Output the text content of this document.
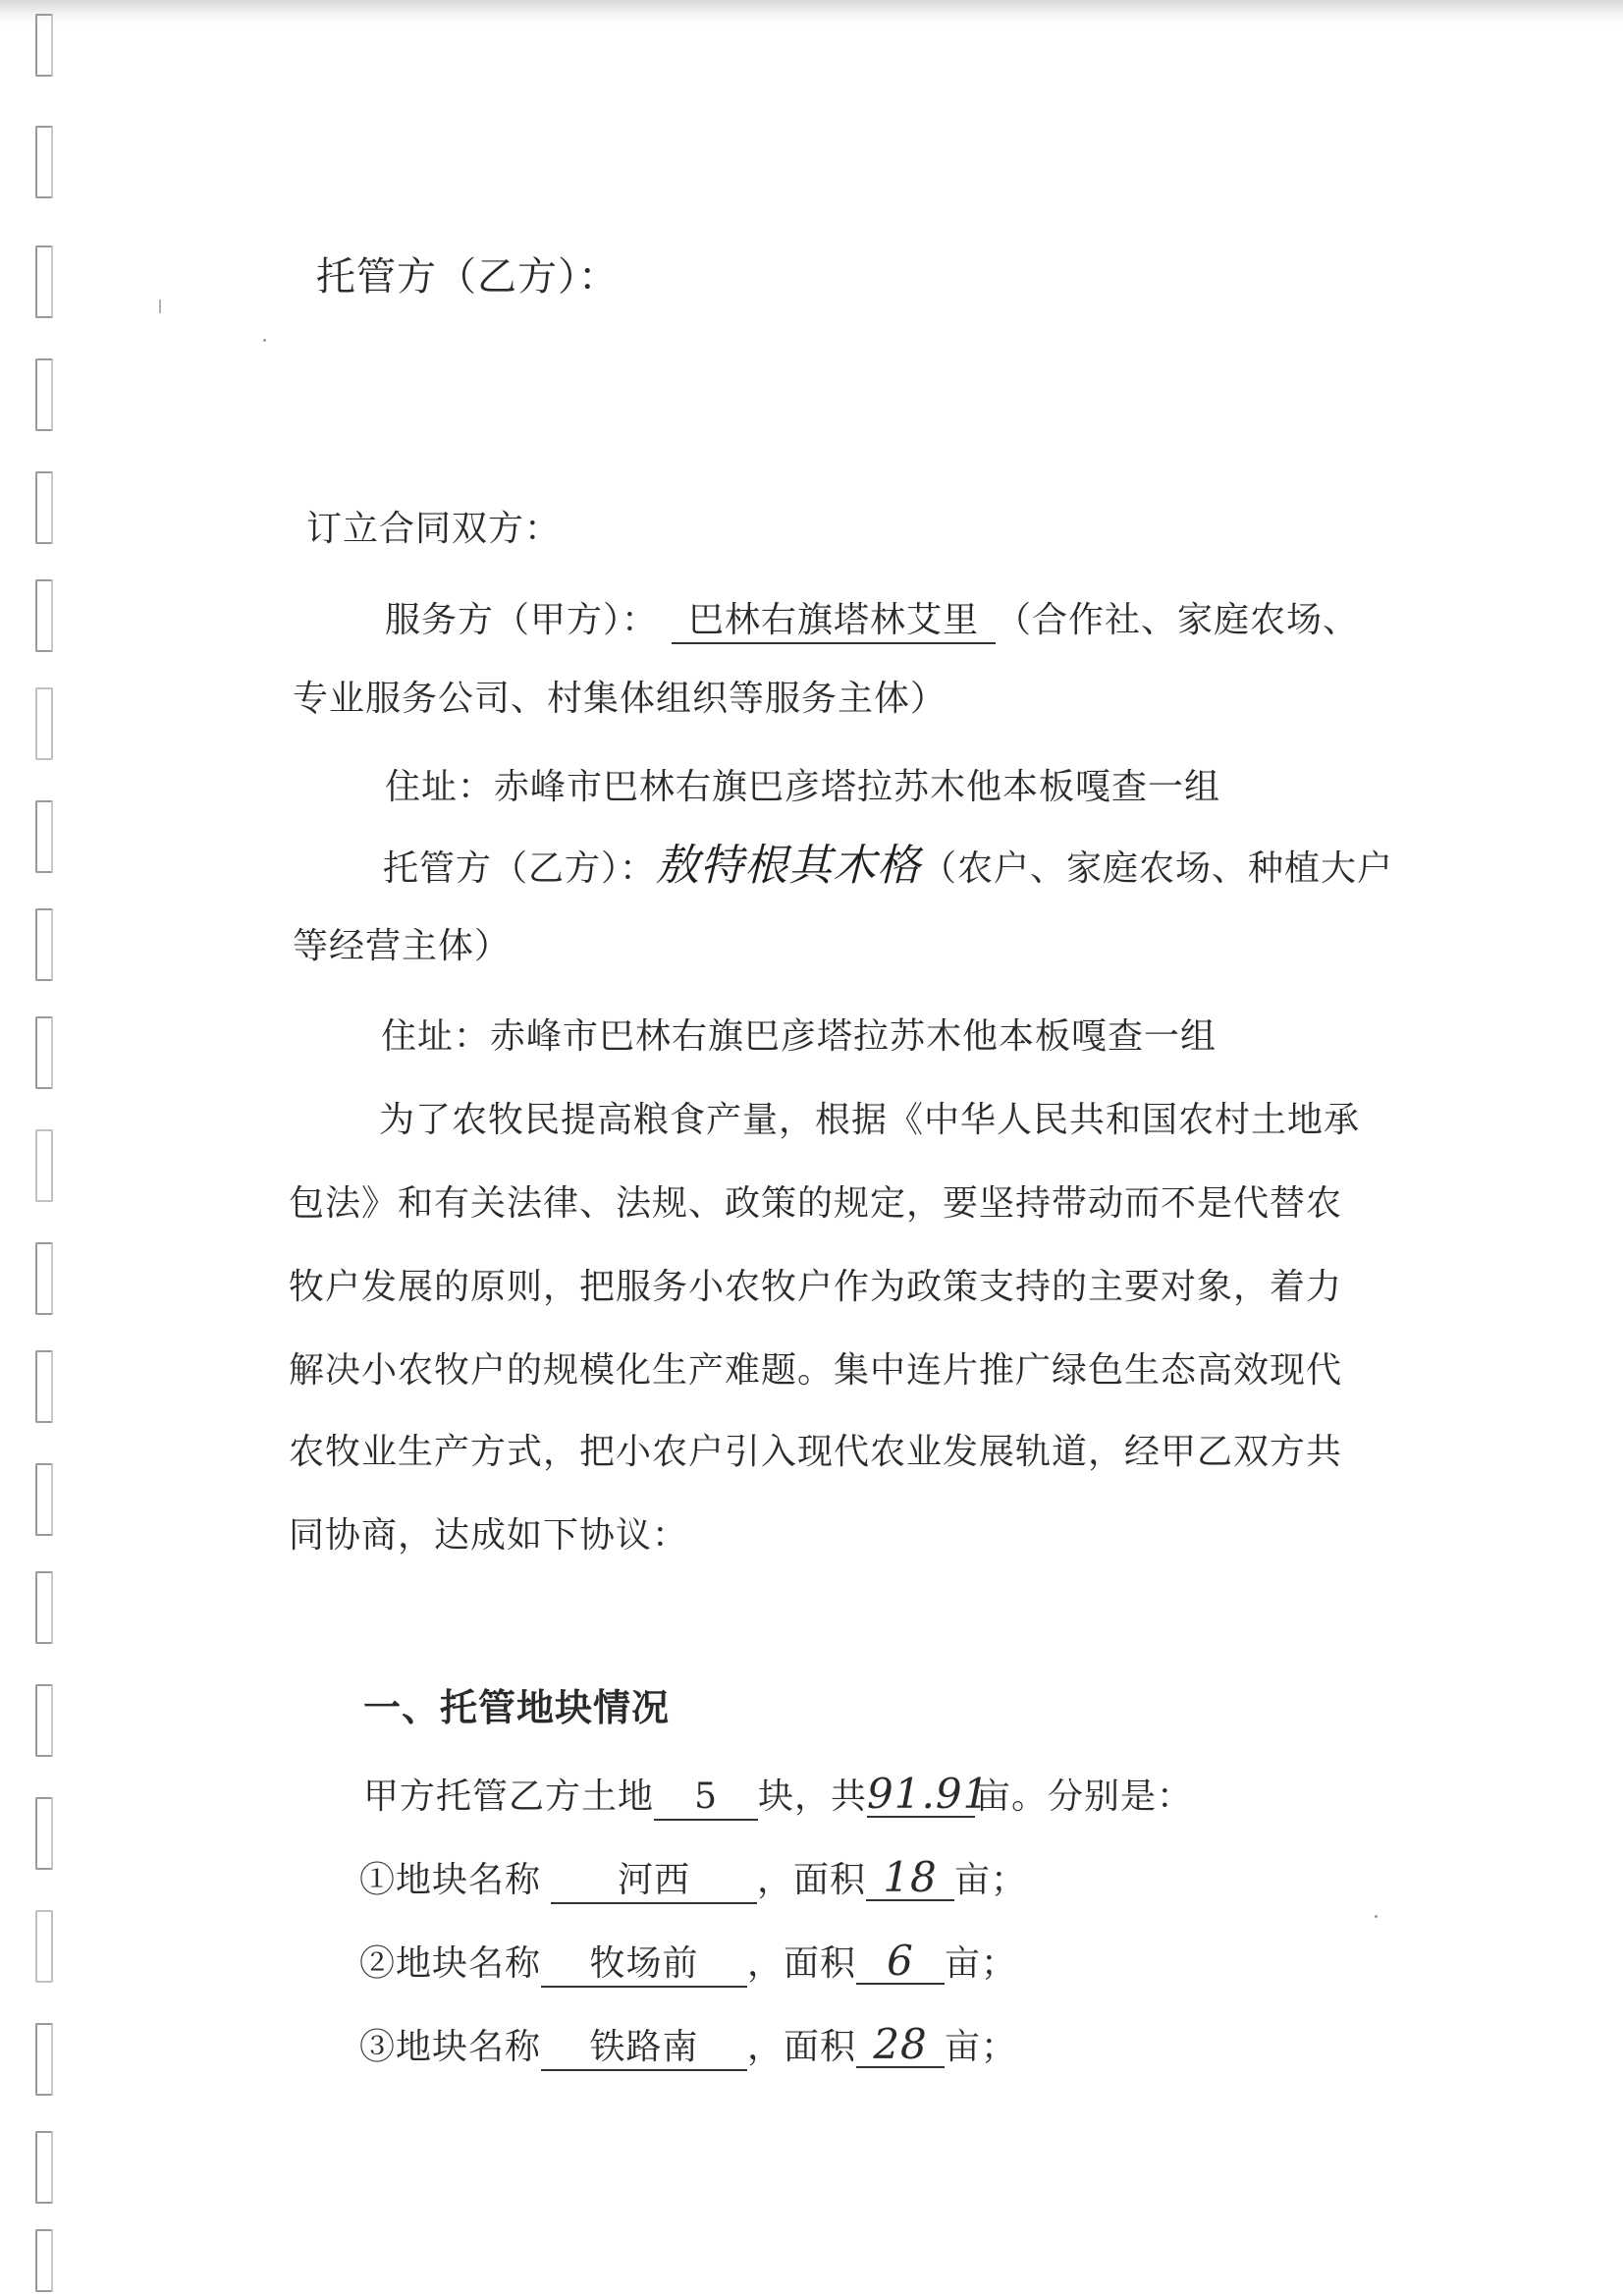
托管方（乙方）：
订立合同双方：
服务方（甲方）： 巴林右旗塔林艾里 （合作社、家庭农场、
专业服务公司、村集体组织等服务主体）
住址：赤峰市巴林右旗巴彦塔拉苏木他本板嘎查一组
托管方（乙方）：敖特根其木格（农户、家庭农场、种植大户
等经营主体）
住址：赤峰市巴林右旗巴彦塔拉苏木他本板嘎查一组
为了农牧民提高粮食产量，根据《中华人民共和国农村土地承
包法》和有关法律、法规、政策的规定，要坚持带动而不是代替农
牧户发展的原则，把服务小农牧户作为政策支持的主要对象，着力
解决小农牧户的规模化生产难题。集中连片推广绿色生态高效现代
农牧业生产方式，把小农户引入现代农业发展轨道，经甲乙双方共
同协商，达成如下协议：
一、托管地块情况
甲方托管乙方土地 5 块，共91.91亩。分别是：
①地块名称 河西 ，面积 18 亩；
②地块名称 牧场前 ，面积 6 亩；
③地块名称 铁路南 ，面积 28 亩；
